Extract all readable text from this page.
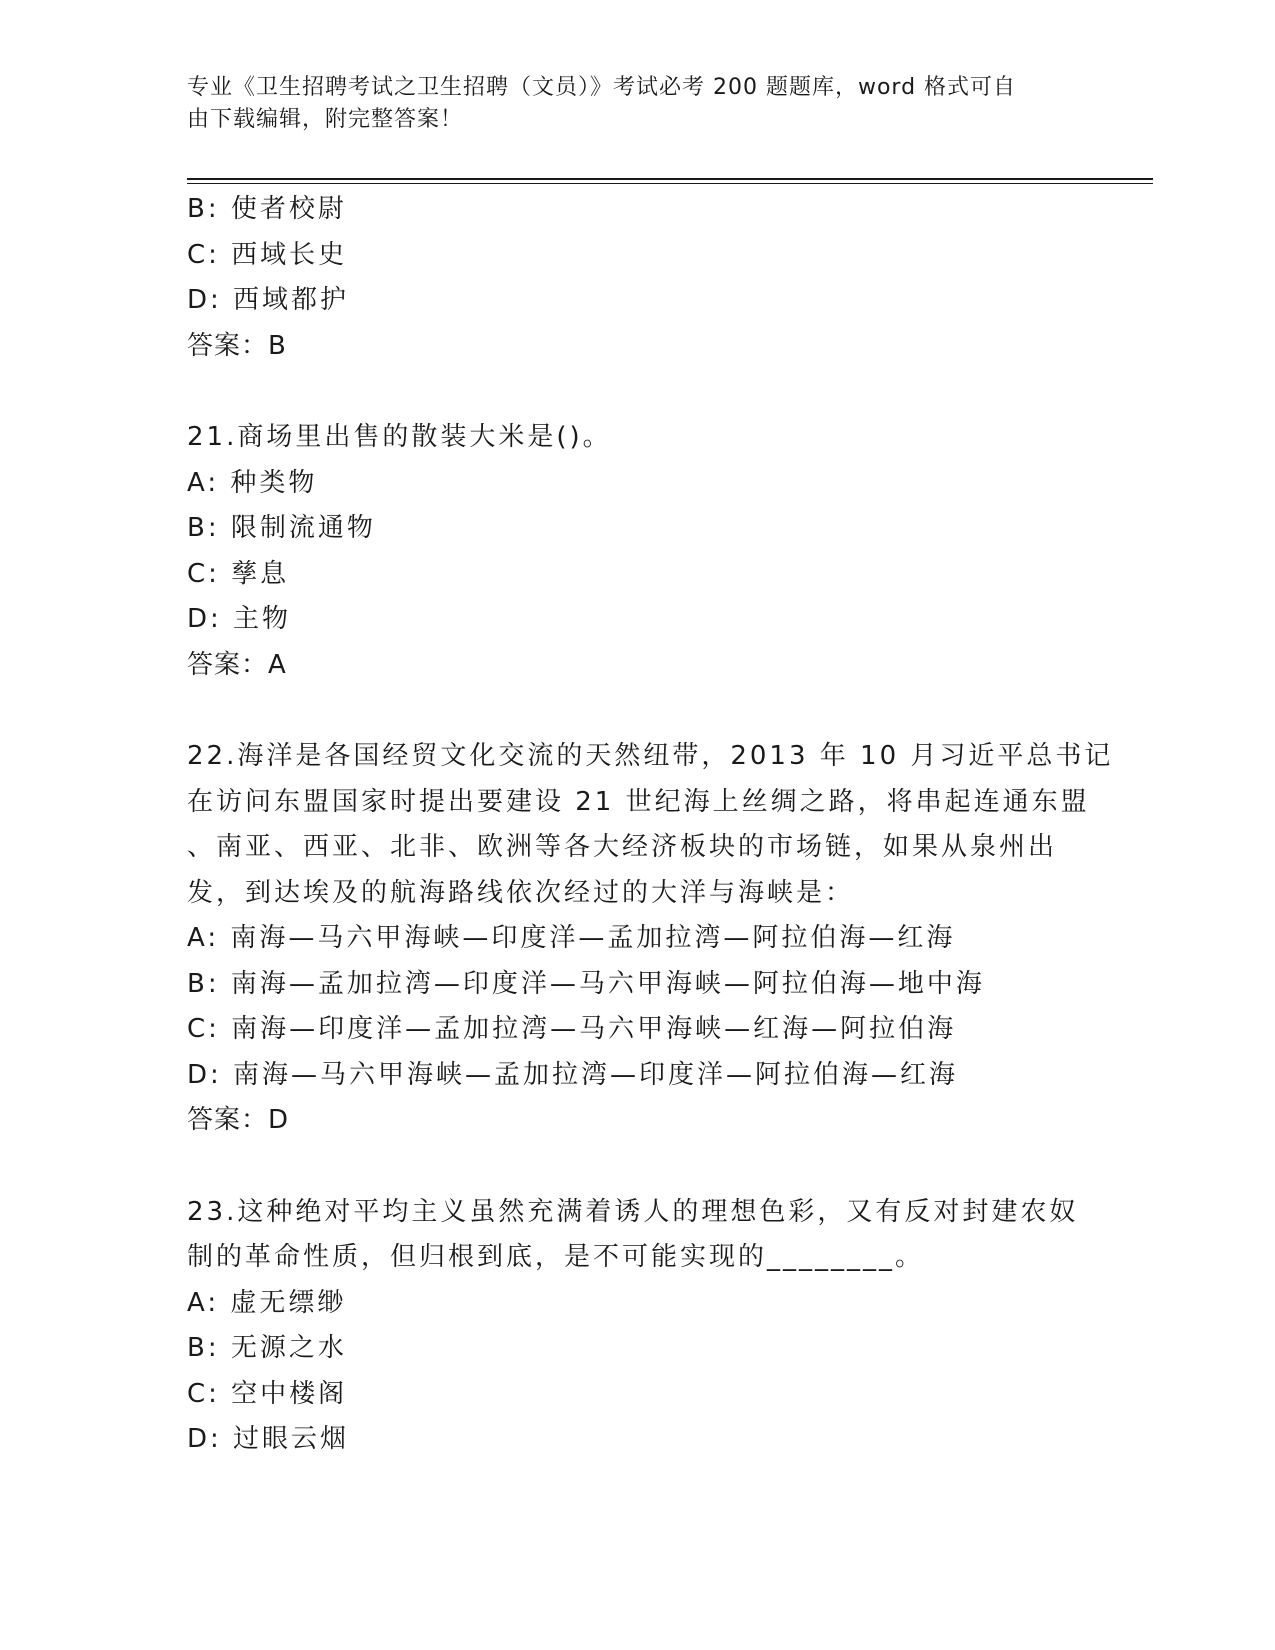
专业《卫生招聘考试之卫生招聘（文员）》考试必考 200 题题库，word 格式可自
由下载编辑，附完整答案！
B: 使者校尉
C: 西域长史
D: 西域都护
答案：B
21.商场里出售的散装大米是()。
A: 种类物
B: 限制流通物
C: 孳息
D: 主物
答案：A
22.海洋是各国经贸文化交流的天然纽带，2013 年 10 月习近平总书记
在访问东盟国家时提出要建设 21 世纪海上丝绸之路，将串起连通东盟
、南亚、西亚、北非、欧洲等各大经济板块的市场链，如果从泉州出
发，到达埃及的航海路线依次经过的大洋与海峡是：
A: 南海—马六甲海峡—印度洋—孟加拉湾—阿拉伯海—红海
B: 南海—孟加拉湾—印度洋—马六甲海峡—阿拉伯海—地中海
C: 南海—印度洋—孟加拉湾—马六甲海峡—红海—阿拉伯海
D: 南海—马六甲海峡—孟加拉湾—印度洋—阿拉伯海—红海
答案：D
23.这种绝对平均主义虽然充满着诱人的理想色彩，又有反对封建农奴
制的革命性质，但归根到底，是不可能实现的________。
A: 虚无缥缈
B: 无源之水
C: 空中楼阁
D: 过眼云烟
